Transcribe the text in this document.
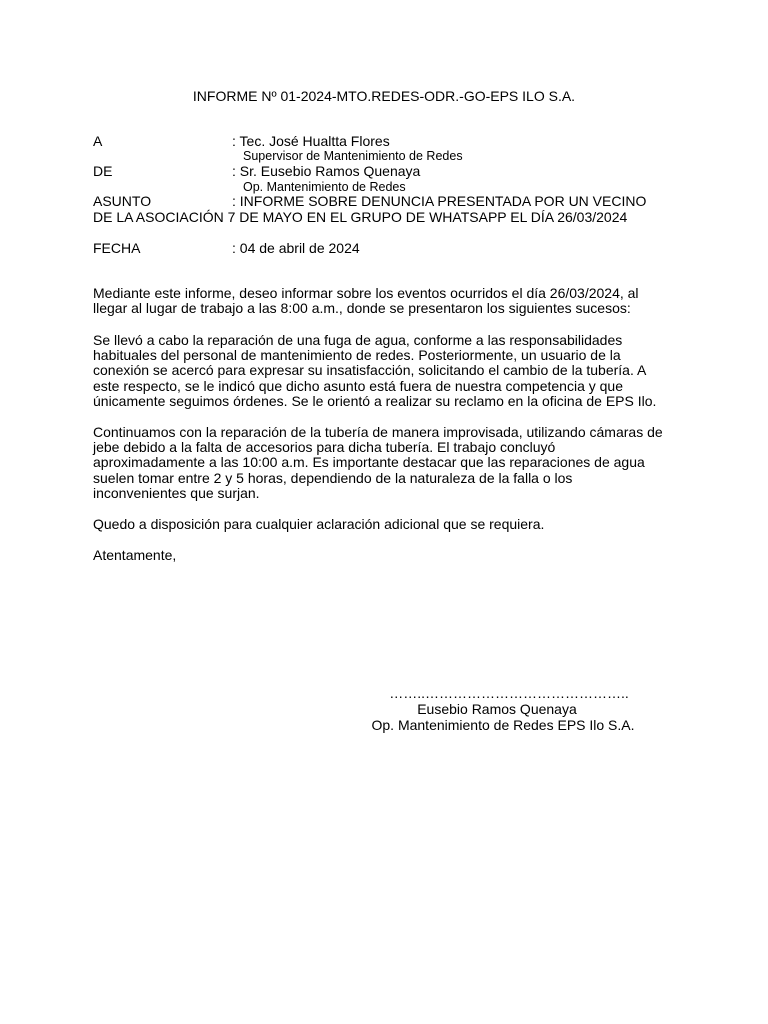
INFORME Nº 01-2024-MTO.REDES-ODR.-GO-EPS ILO S.A.
A	: Tec. José Hualtta Flores
Supervisor de Mantenimiento de Redes
DE	: Sr. Eusebio Ramos Quenaya
Op. Mantenimiento de Redes
ASUNTO	: INFORME SOBRE DENUNCIA PRESENTADA POR UN VECINO
DE LA ASOCIACIÓN 7 DE MAYO EN EL GRUPO DE WHATSAPP EL DÍA 26/03/2024
FECHA	: 04 de abril de 2024
Mediante este informe, deseo informar sobre los eventos ocurridos el día 26/03/2024, al
llegar al lugar de trabajo a las 8:00 a.m., donde se presentaron los siguientes sucesos:
Se llevó a cabo la reparación de una fuga de agua, conforme a las responsabilidades
habituales del personal de mantenimiento de redes. Posteriormente, un usuario de la
conexión se acercó para expresar su insatisfacción, solicitando el cambio de la tubería. A
este respecto, se le indicó que dicho asunto está fuera de nuestra competencia y que
únicamente seguimos órdenes. Se le orientó a realizar su reclamo en la oficina de EPS Ilo.
Continuamos con la reparación de la tubería de manera improvisada, utilizando cámaras de
jebe debido a la falta de accesorios para dicha tubería. El trabajo concluyó
aproximadamente a las 10:00 a.m. Es importante destacar que las reparaciones de agua
suelen tomar entre 2 y 5 horas, dependiendo de la naturaleza de la falla o los
inconvenientes que surjan.
Quedo a disposición para cualquier aclaración adicional que se requiera.
Atentamente,
……..……………………………………..
Eusebio Ramos Quenaya
Op. Mantenimiento de Redes EPS Ilo S.A.
